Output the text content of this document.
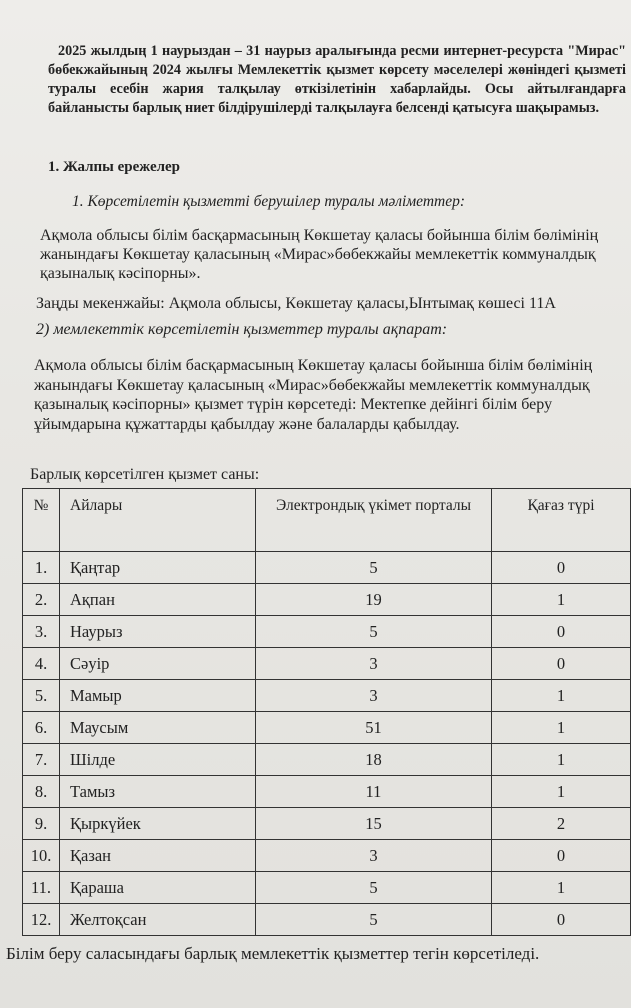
2025 жылдың 1 наурыздан – 31 наурыз аралығында ресми интернет-ресурста "Мирас" бөбекжайының 2024 жылғы Мемлекеттік қызмет көрсету мәселелері жөніндегі қызметі туралы есебін жария талқылау өткізілетінін хабарлайды. Осы айтылғандарға байланысты барлық ниет білдірушілерді талқылауға белсенді қатысуға шақырамыз.
1. Жалпы ережелер
1. Көрсетілетін қызметті берушілер туралы мәліметтер:
Ақмола облысы білім басқармасының Көкшетау қаласы бойынша білім бөлімінің жанындағы Көкшетау қаласының «Мирас»бөбекжайы мемлекеттік коммуналдық қазыналық кәсіпорны».
Заңды мекенжайы: Ақмола облысы, Көкшетау қаласы,Ынтымақ көшесі 11А
2) мемлекеттік көрсетілетін қызметтер туралы ақпарат:
Ақмола облысы білім басқармасының Көкшетау қаласы бойынша білім бөлімінің жанындағы Көкшетау қаласының «Мирас»бөбекжайы мемлекеттік коммуналдық қазыналық кәсіпорны» қызмет түрін көрсетеді: Мектепке дейінгі білім беру ұйымдарына құжаттарды қабылдау және балаларды қабылдау.
Барлық көрсетілген қызмет саны:
№	Айлары	Электрондық үкімет порталы	Қағаз түрі
1.	Қаңтар	5	0
2.	Ақпан	19	1
3.	Наурыз	5	0
4.	Сәуір	3	0
5.	Мамыр	3	1
6.	Маусым	51	1
7.	Шілде	18	1
8.	Тамыз	11	1
9.	Қыркүйек	15	2
10.	Қазан	3	0
11.	Қараша	5	1
12.	Желтоқсан	5	0
Білім беру саласындағы барлық мемлекеттік қызметтер тегін көрсетіледі.
